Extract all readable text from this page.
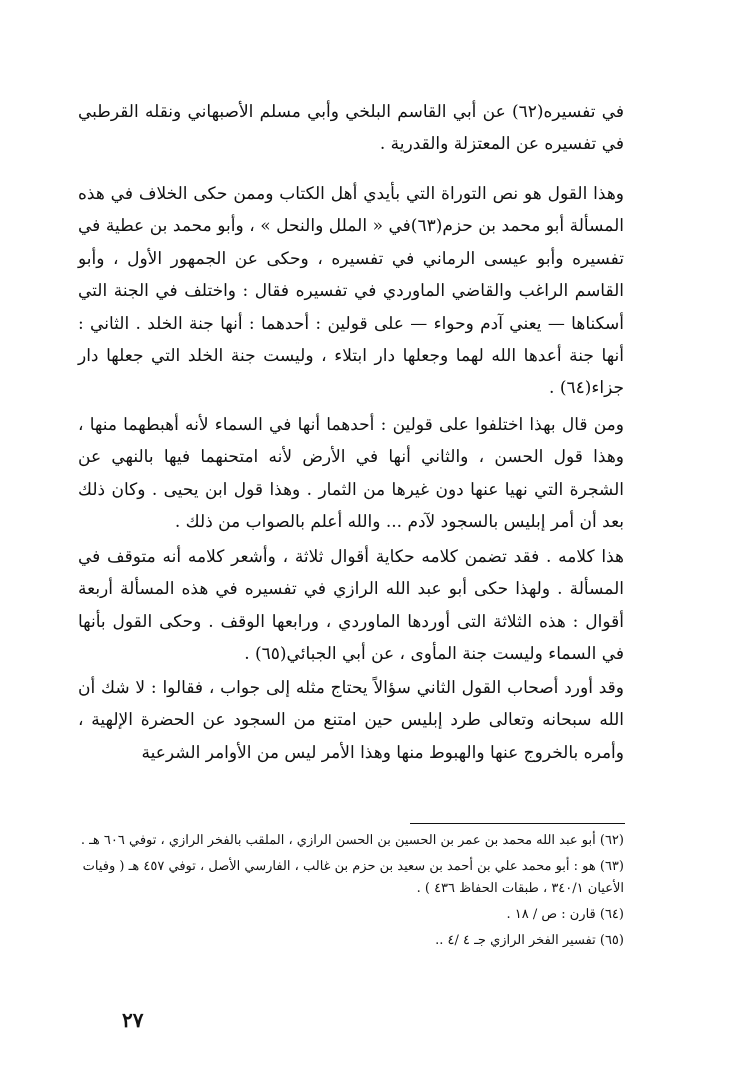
في تفسيره(٦٢) عن أبي القاسم البلخي وأبي مسلم الأصبهاني ونقله القرطبي في تفسيره عن المعتزلة والقدرية .

وهذا القول هو نص التوراة التي بأيدي أهل الكتاب وممن حكى الخلاف في هذه المسألة أبو محمد بن حزم(٦٣)في « الملل والنحل » ، وأبو محمد بن عطية في تفسيره وأبو عيسى الرماني في تفسيره ، وحكى عن الجمهور الأول ، وأبو القاسم الراغب والقاضي الماوردي في تفسيره فقال : واختلف في الجنة التي أسكناها — يعني آدم وحواء — على قولين : أحدهما : أنها جنة الخلد . الثاني : أنها جنة أعدها الله لهما وجعلها دار ابتلاء ، وليست جنة الخلد التي جعلها دار جزاء(٦٤) .

ومن قال بهذا اختلفوا على قولين : أحدهما أنها في السماء لأنه أهبطهما منها ، وهذا قول الحسن ، والثاني أنها في الأرض لأنه امتحنهما فيها بالنهي عن الشجرة التي نهيا عنها دون غيرها من الثمار . وهذا قول ابن يحيى . وكان ذلك بعد أن أمر إبليس بالسجود لآدم ... والله أعلم بالصواب من ذلك .

هذا كلامه . فقد تضمن كلامه حكاية أقوال ثلاثة ، وأشعر كلامه أنه متوقف في المسألة . ولهذا حكى أبو عبد الله الرازي في تفسيره في هذه المسألة أربعة أقوال : هذه الثلاثة التى أوردها الماوردي ، ورابعها الوقف . وحكى القول بأنها في السماء وليست جنة المأوى ، عن أبي الجبائي(٦٥) .

وقد أورد أصحاب القول الثاني سؤالاً يحتاج مثله إلى جواب ، فقالوا : لا شك أن الله سبحانه وتعالى طرد إبليس حين امتنع من السجود عن الحضرة الإلهية ، وأمره بالخروج عنها والهبوط منها وهذا الأمر ليس من الأوامر الشرعية

(٦٢) أبو عبد الله محمد بن عمر بن الحسين بن الحسن الرازي ، الملقب بالفخر الرازي ، توفي ٦٠٦ هـ .

(٦٣) هو : أبو محمد علي بن أحمد بن سعيد بن حزم بن غالب ، الفارسي الأصل ، توفي ٤٥٧ هـ ( وفيات الأعيان ٣٤٠/١ ، طبقات الحفاظ ٤٣٦ ) .

(٦٤) قارن : ص / ١٨ .

(٦٥) تفسير الفخر الرازي جـ ٤ /٤ ..

٢٧
